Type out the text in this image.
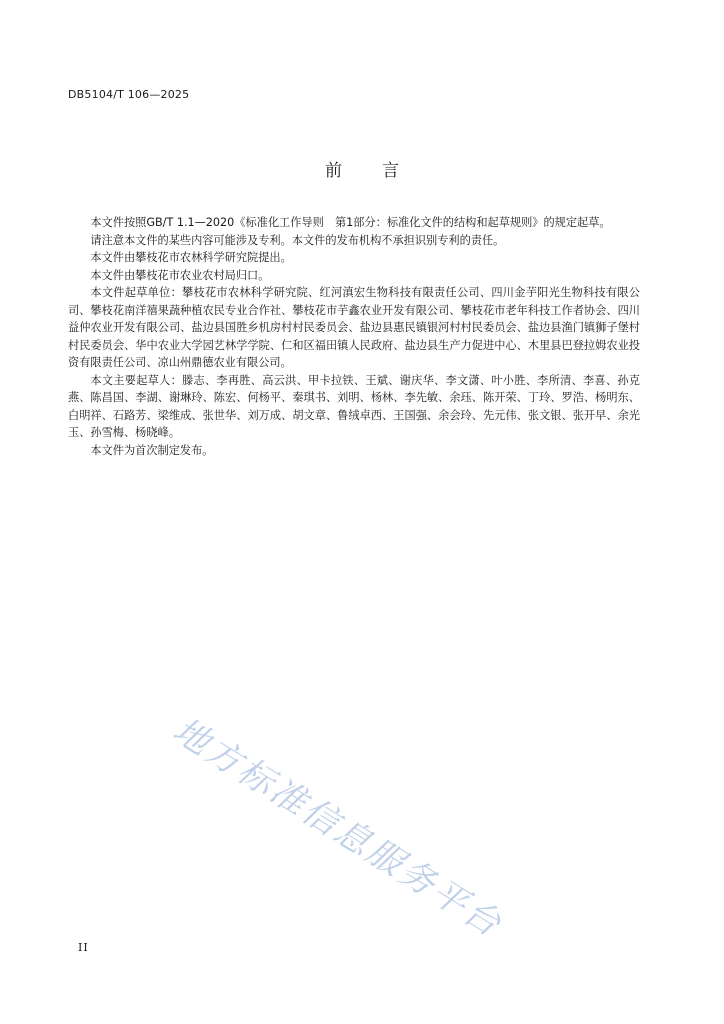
DB5104/T 106—2025
前言

本文件按照GB/T 1.1—2020《标准化工作导则　第1部分：标准化文件的结构和起草规则》的规定起草。

请注意本文件的某些内容可能涉及专利。本文件的发布机构不承担识别专利的责任。

本文件由攀枝花市农林科学研究院提出。

本文件由攀枝花市农业农村局归口。

本文件起草单位：攀枝花市农林科学研究院、红河滇宏生物科技有限责任公司、四川金芋阳光生物科技有限公司、攀枝花南洋禧果蔬种植农民专业合作社、攀枝花市芋鑫农业开发有限公司、攀枝花市老年科技工作者协会、四川益仲农业开发有限公司、盐边县国胜乡机房村村民委员会、盐边县惠民镇银河村村民委员会、盐边县渔门镇狮子堡村村民委员会、华中农业大学园艺林学学院、仁和区福田镇人民政府、盐边县生产力促进中心、木里县巴登拉姆农业投资有限责任公司、凉山州鼎德农业有限公司。

本文主要起草人：滕志、李再胜、高云洪、甲卡拉铁、王斌、谢庆华、李文潇、叶小胜、李所清、李喜、孙克燕、陈昌国、李湖、谢琳玲、陈宏、何杨平、秦琪书、刘明、杨林、李先敏、余珏、陈开荣、丁玲、罗浩、杨明东、白明祥、石路芳、梁维成、张世华、刘万成、胡文章、鲁绒卓西、王国强、余会玲、先元伟、张文银、张开早、余光玉、孙雪梅、杨晓峰。

本文件为首次制定发布。

地方标准信息服务平台
II
